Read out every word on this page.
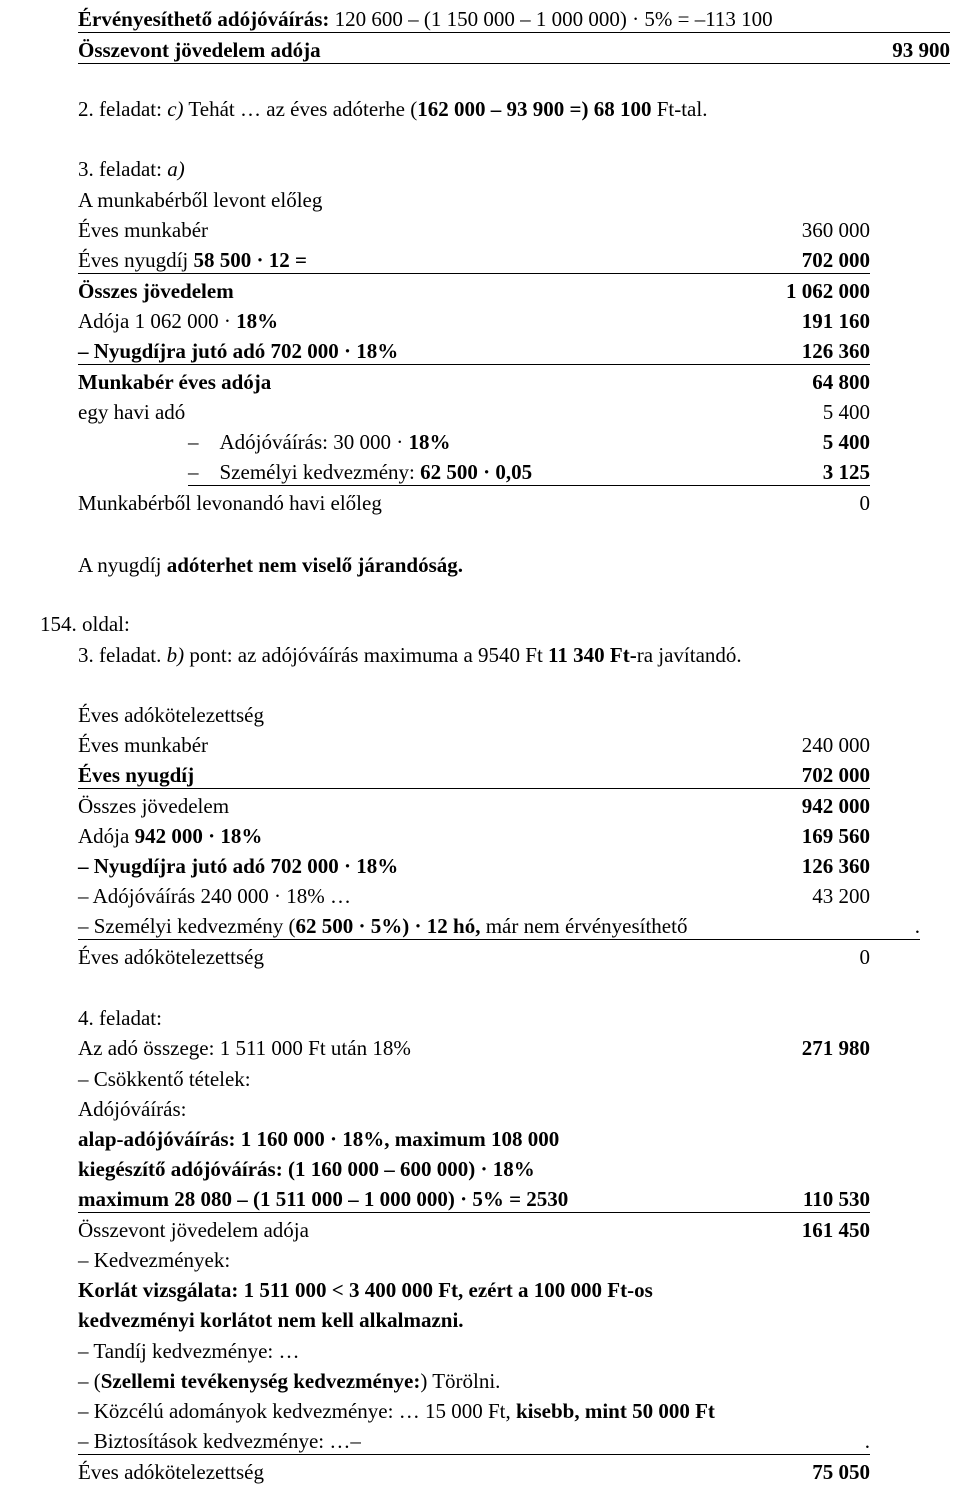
Érvényesíthető adójóváírás: 120 600 – (1 150 000 – 1 000 000) · 5% = –113 100
Összevont jövedelem adója	93 900
2. feladat: c) Tehát … az éves adóterhe (162 000 – 93 900 =) 68 100 Ft-tal.
3. feladat: a)
A munkabérből levont előleg
Éves munkabér	360 000
Éves nyugdíj 58 500 · 12 =	702 000
Összes jövedelem	1 062 000
Adója 1 062 000 · 18%	191 160
– Nyugdíjra jutó adó 702 000 · 18%	126 360
Munkabér éves adója	64 800
egy havi adó	5 400
– Adójóváírás: 30 000 · 18%	5 400
– Személyi kedvezmény: 62 500 · 0,05	3 125
Munkabérből levonandó havi előleg	0
A nyugdíj adóterhet nem viselő járandóság.
154. oldal:
3. feladat. b) pont: az adójóváírás maximuma a 9540 Ft 11 340 Ft-ra javítandó.
Éves adókötelezettség
Éves munkabér	240 000
Éves nyugdíj	702 000
Összes jövedelem	942 000
Adója 942 000 · 18%	169 560
– Nyugdíjra jutó adó 702 000 · 18%	126 360
– Adójóváírás 240 000 · 18% …	43 200
– Személyi kedvezmény (62 500 · 5%) · 12 hó, már nem érvényesíthető	.
Éves adókötelezettség	0
4. feladat:
Az adó összege: 1 511 000 Ft után 18%	271 980
– Csökkentő tételek:
Adójóváírás:
alap-adójóváírás: 1 160 000 · 18%, maximum 108 000
kiegészítő adójóváírás: (1 160 000 – 600 000) · 18%
maximum 28 080 – (1 511 000 – 1 000 000) · 5% = 2530	110 530
Összevont jövedelem adója	161 450
– Kedvezmények:
Korlát vizsgálata: 1 511 000 < 3 400 000 Ft, ezért a 100 000 Ft-os
kedvezményi korlátot nem kell alkalmazni.
– Tandíj kedvezménye: …
– (Szellemi tevékenység kedvezménye:) Törölni.
– Közcélú adományok kedvezménye: … 15 000 Ft, kisebb, mint 50 000 Ft
– Biztosítások kedvezménye: …–	.
Éves adókötelezettség	75 050
